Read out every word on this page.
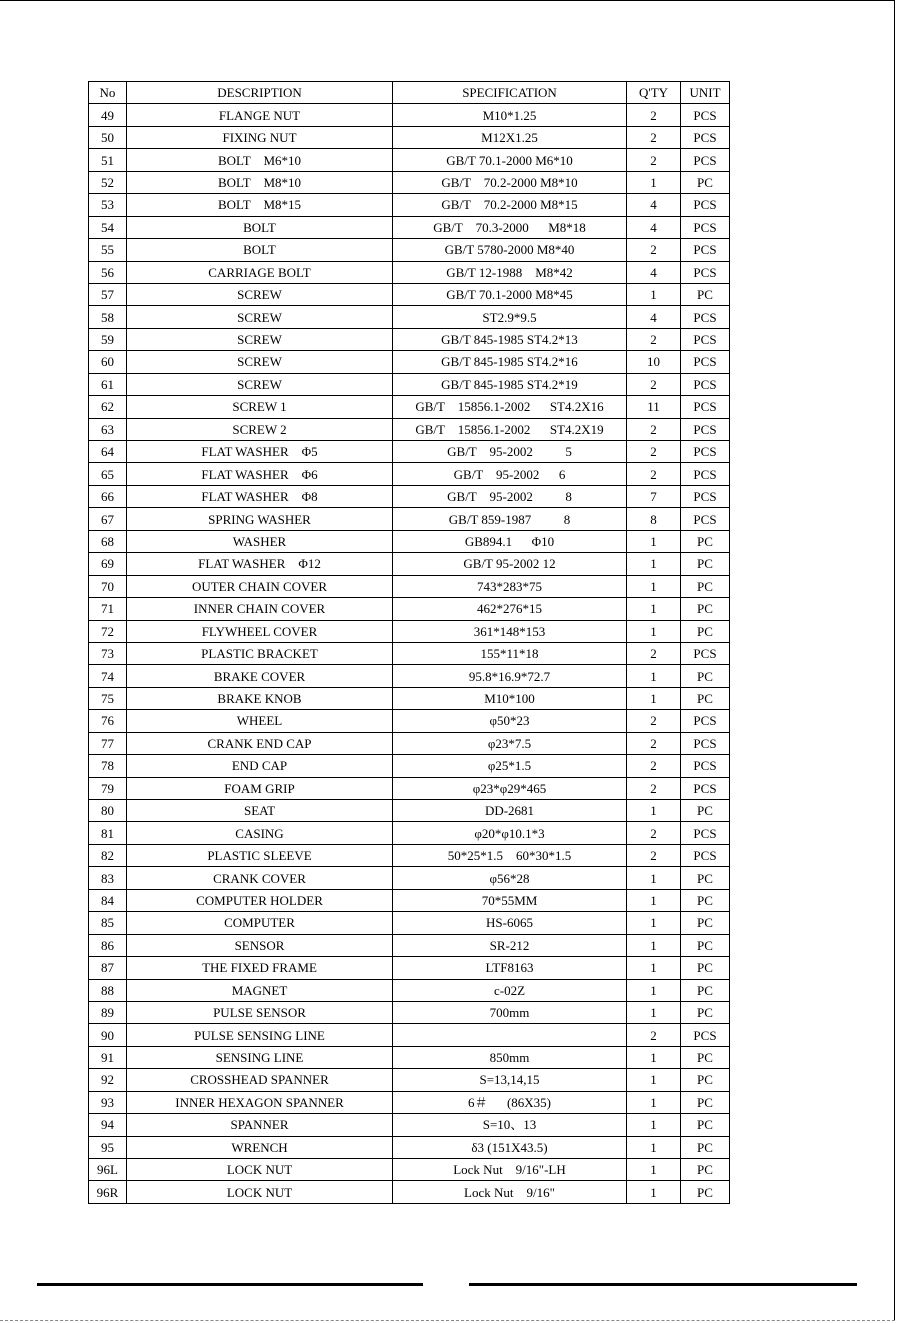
No	DESCRIPTION	SPECIFICATION	Q'TY	UNIT
49	FLANGE NUT	M10*1.25	2	PCS
50	FIXING NUT	M12X1.25	2	PCS
51	BOLT    M6*10	GB/T 70.1-2000 M6*10	2	PCS
52	BOLT    M8*10	GB/T    70.2-2000 M8*10	1	PC
53	BOLT    M8*15	GB/T    70.2-2000 M8*15	4	PCS
54	BOLT	GB/T    70.3-2000      M8*18	4	PCS
55	BOLT	GB/T 5780-2000 M8*40	2	PCS
56	CARRIAGE BOLT	GB/T 12-1988    M8*42	4	PCS
57	SCREW	GB/T 70.1-2000 M8*45	1	PC
58	SCREW	ST2.9*9.5	4	PCS
59	SCREW	GB/T 845-1985 ST4.2*13	2	PCS
60	SCREW	GB/T 845-1985 ST4.2*16	10	PCS
61	SCREW	GB/T 845-1985 ST4.2*19	2	PCS
62	SCREW 1	GB/T    15856.1-2002      ST4.2X16	11	PCS
63	SCREW 2	GB/T    15856.1-2002      ST4.2X19	2	PCS
64	FLAT WASHER    Φ5	GB/T    95-2002          5	2	PCS
65	FLAT WASHER    Φ6	GB/T    95-2002      6	2	PCS
66	FLAT WASHER    Φ8	GB/T    95-2002          8	7	PCS
67	SPRING WASHER	GB/T 859-1987          8	8	PCS
68	WASHER	GB894.1      Φ10	1	PC
69	FLAT WASHER    Φ12	GB/T 95-2002 12	1	PC
70	OUTER CHAIN COVER	743*283*75	1	PC
71	INNER CHAIN COVER	462*276*15	1	PC
72	FLYWHEEL COVER	361*148*153	1	PC
73	PLASTIC BRACKET	155*11*18	2	PCS
74	BRAKE COVER	95.8*16.9*72.7	1	PC
75	BRAKE KNOB	M10*100	1	PC
76	WHEEL	φ50*23	2	PCS
77	CRANK END CAP	φ23*7.5	2	PCS
78	END CAP	φ25*1.5	2	PCS
79	FOAM GRIP	φ23*φ29*465	2	PCS
80	SEAT	DD-2681	1	PC
81	CASING	φ20*φ10.1*3	2	PCS
82	PLASTIC SLEEVE	50*25*1.5    60*30*1.5	2	PCS
83	CRANK COVER	φ56*28	1	PC
84	COMPUTER HOLDER	70*55MM	1	PC
85	COMPUTER	HS-6065	1	PC
86	SENSOR	SR-212	1	PC
87	THE FIXED FRAME	LTF8163	1	PC
88	MAGNET	c-02Z	1	PC
89	PULSE SENSOR	700mm	1	PC
90	PULSE SENSING LINE		2	PCS
91	SENSING LINE	850mm	1	PC
92	CROSSHEAD SPANNER	S=13,14,15	1	PC
93	INNER HEXAGON SPANNER	6＃      (86X35)	1	PC
94	SPANNER	S=10、13	1	PC
95	WRENCH	δ3 (151X43.5)	1	PC
96L	LOCK NUT	Lock Nut    9/16"-LH	1	PC
96R	LOCK NUT	Lock Nut    9/16"	1	PC
